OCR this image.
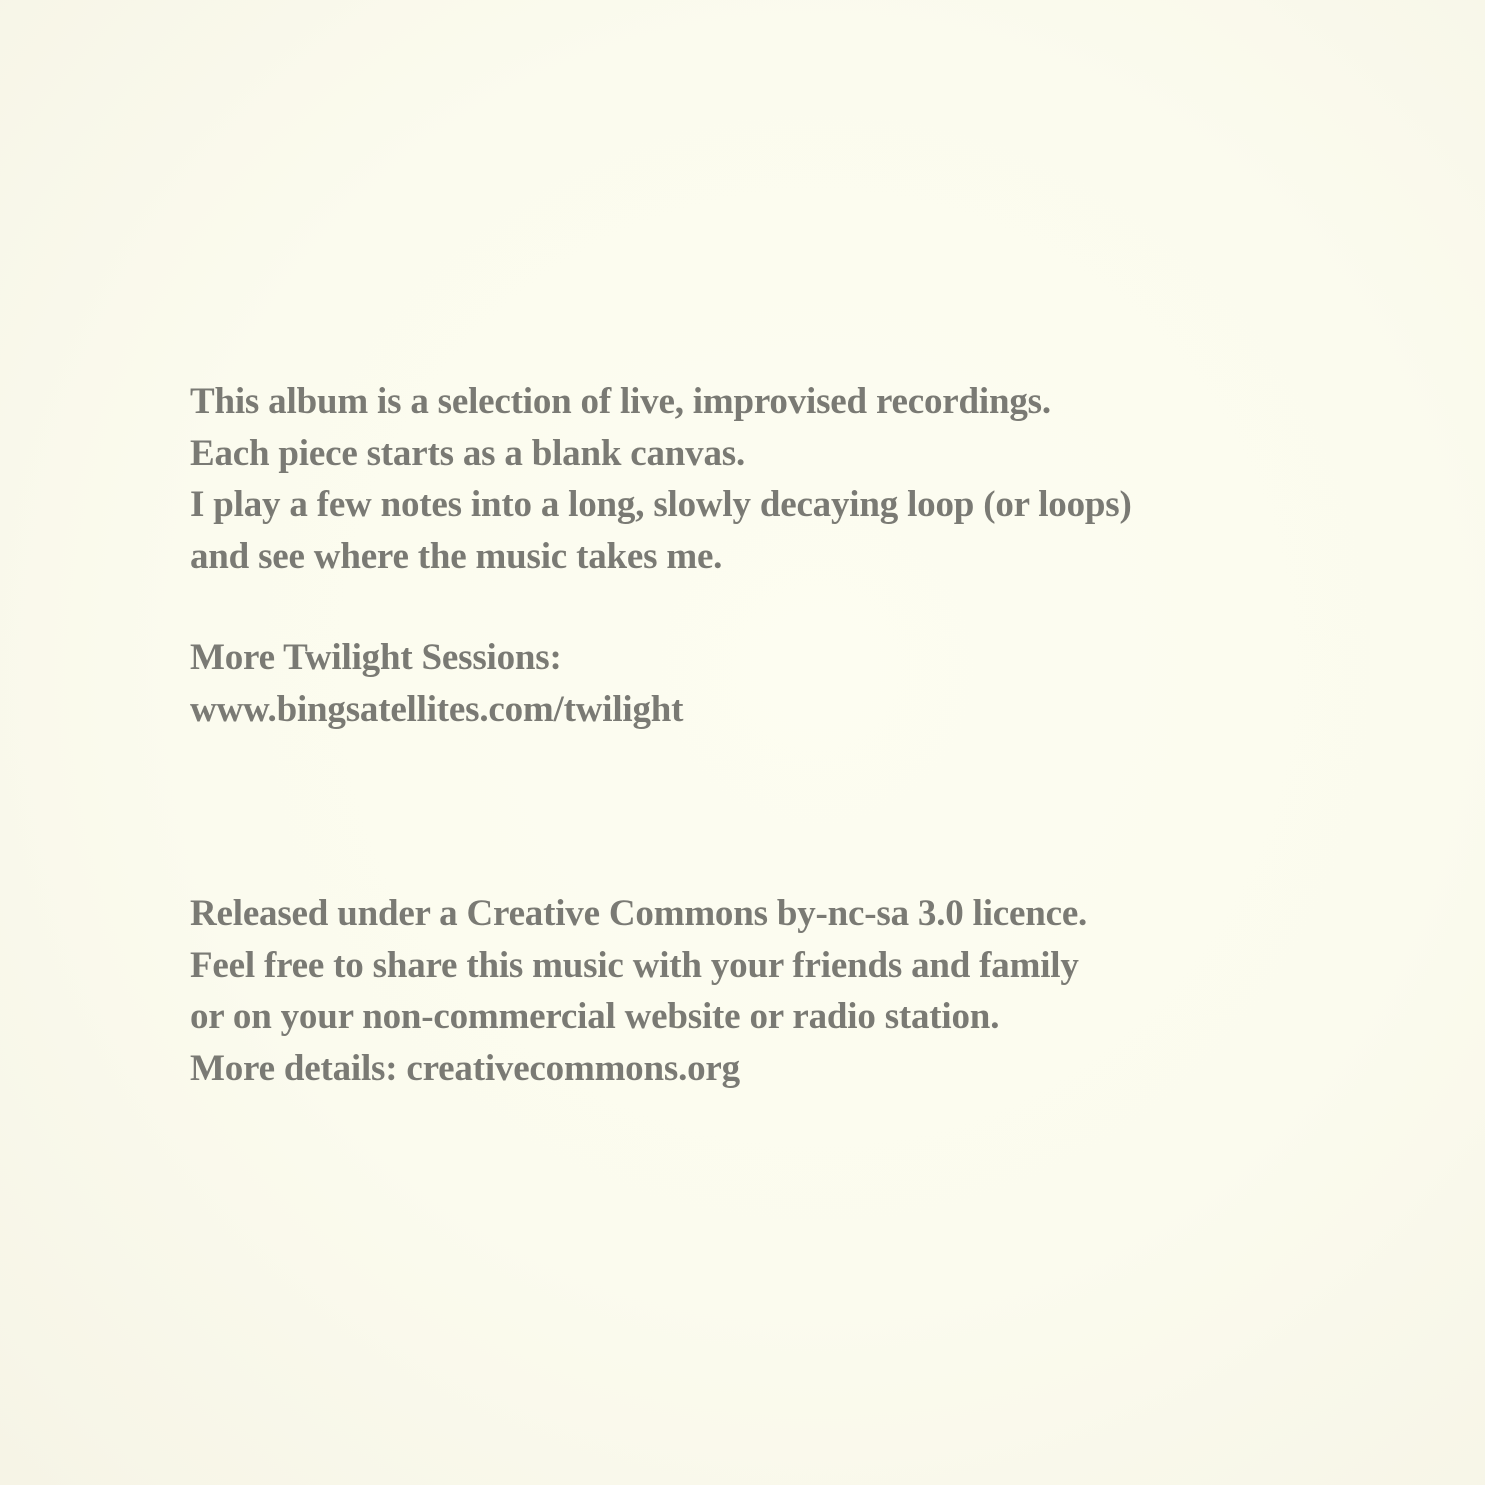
This album is a selection of live, improvised recordings.
Each piece starts as a blank canvas.
I play a few notes into a long, slowly decaying loop (or loops)
and see where the music takes me.
More Twilight Sessions:
www.bingsatellites.com/twilight
Released under a Creative Commons by-nc-sa 3.0 licence.
Feel free to share this music with your friends and family
or on your non-commercial website or radio station.
More details: creativecommons.org
